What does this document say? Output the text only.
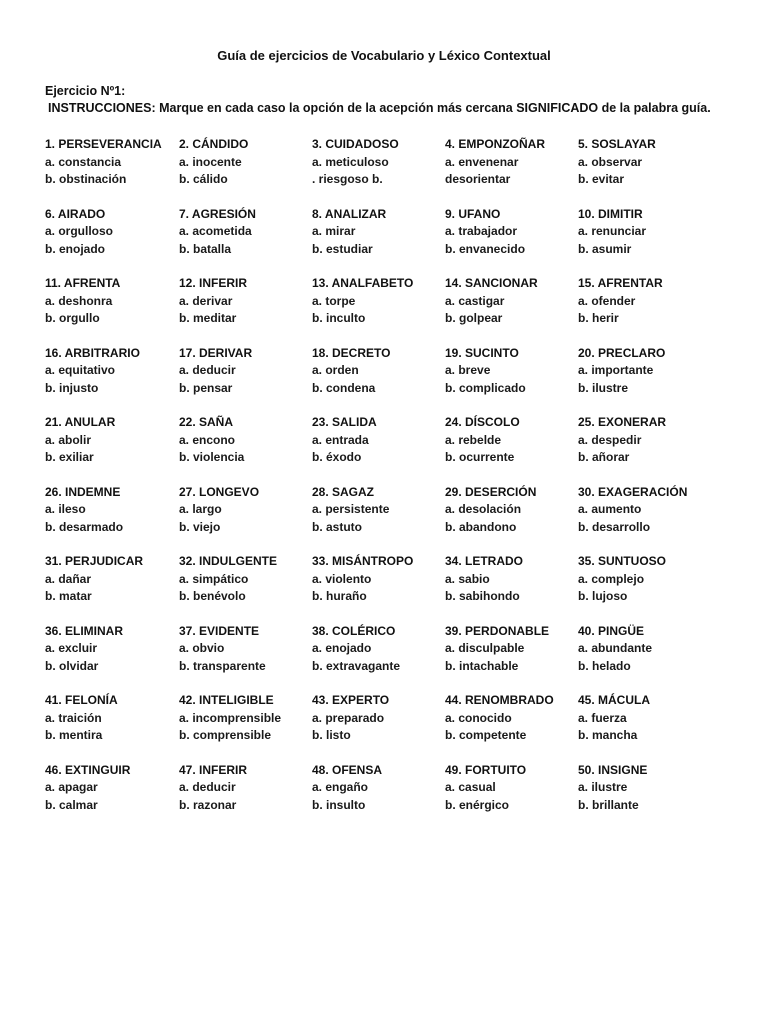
Guía de ejercicios de Vocabulario y Léxico Contextual
Ejercicio Nº1:
INSTRUCCIONES: Marque en cada caso la opción de la acepción más cercana SIGNIFICADO de la palabra guía.
1. PERSEVERANCIA
a. constancia
b. obstinación
2. CÁNDIDO
a. inocente
b. cálido
3. CUIDADOSO
a. meticuloso
. riesgoso b.
4. EMPONZOÑAR
a. envenenar
desorientar
5. SOSLAYAR
a. observar
b. evitar
6. AIRADO
a. orgulloso
b. enojado
7. AGRESIÓN
a. acometida
b. batalla
8. ANALIZAR
a. mirar
b. estudiar
9. UFANO
a. trabajador
b. envanecido
10. DIMITIR
a. renunciar
b. asumir
11. AFRENTA
a. deshonra
b. orgullo
12. INFERIR
a. derivar
b. meditar
13. ANALFABETO
a. torpe
b. inculto
14. SANCIONAR
a. castigar
b. golpear
15. AFRENTAR
a. ofender
b. herir
16. ARBITRARIO
a. equitativo
b. injusto
17. DERIVAR
a. deducir
b. pensar
18. DECRETO
a. orden
b. condena
19. SUCINTO
a. breve
b. complicado
20. PRECLARO
a. importante
b. ilustre
21. ANULAR
a. abolir
b. exiliar
22. SAÑA
a. encono
b. violencia
23. SALIDA
a. entrada
b. éxodo
24. DÍSCOLO
a. rebelde
b. ocurrente
25. EXONERAR
a. despedir
b. añorar
26. INDEMNE
a. ileso
b. desarmado
27. LONGEVO
a. largo
b. viejo
28. SAGAZ
a. persistente
b. astuto
29. DESERCIÓN
a. desolación
b. abandono
30. EXAGERACIÓN
a. aumento
b. desarrollo
31. PERJUDICAR
a. dañar
b. matar
32. INDULGENTE
a. simpático
b. benévolo
33. MISÁNTROPO
a. violento
b. huraño
34. LETRADO
a. sabio
b. sabihondo
35. SUNTUOSO
a. complejo
b. lujoso
36. ELIMINAR
a. excluir
b. olvidar
37. EVIDENTE
a. obvio
b. transparente
38. COLÉRICO
a. enojado
b. extravagante
39. PERDONABLE
a. disculpable
b. intachable
40. PINGÜE
a. abundante
b. helado
41. FELONÍA
a. traición
b. mentira
42. INTELIGIBLE
a. incomprensible
b. comprensible
43. EXPERTO
a. preparado
b. listo
44. RENOMBRADO
a. conocido
b. competente
45. MÁCULA
a. fuerza
b. mancha
46. EXTINGUIR
a. apagar
b. calmar
47. INFERIR
a. deducir
b. razonar
48. OFENSA
a. engaño
b. insulto
49. FORTUITO
a. casual
b. enérgico
50. INSIGNE
a. ilustre
b. brillante
